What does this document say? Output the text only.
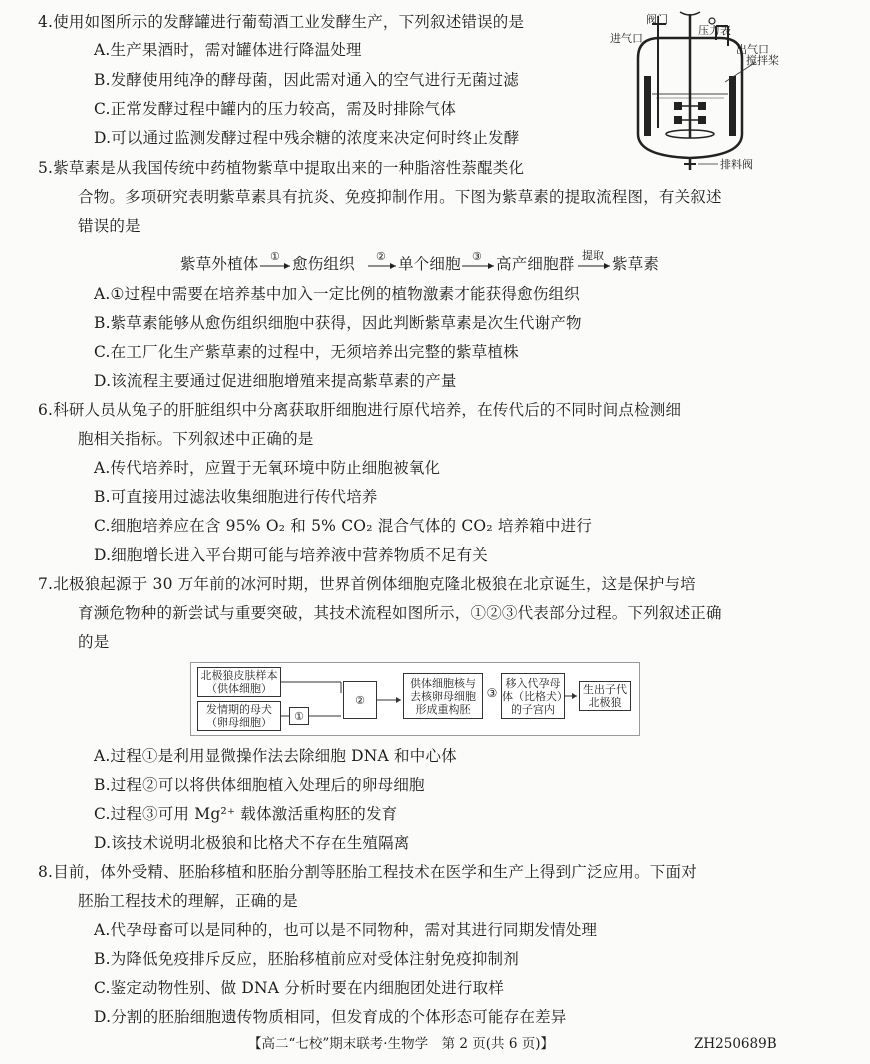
4.使用如图所示的发酵罐进行葡萄酒工业发酵生产，下列叙述错误的是
A.生产果酒时，需对罐体进行降温处理
B.发酵使用纯净的酵母菌，因此需对通入的空气进行无菌过滤
C.正常发酵过程中罐内的压力较高，需及时排除气体
D.可以通过监测发酵过程中残余糖的浓度来决定何时终止发酵
阀门
进气口
压力表
出气口
搅拌桨
排料阀
5.紫草素是从我国传统中药植物紫草中提取出来的一种脂溶性萘醌类化
合物。多项研究表明紫草素具有抗炎、免疫抑制作用。下图为紫草素的提取流程图，有关叙述
错误的是
紫草外植体 愈伤组织	单个细胞 高产细胞群 紫草素
①	②	③	提取
A.①过程中需要在培养基中加入一定比例的植物激素才能获得愈伤组织
B.紫草素能够从愈伤组织细胞中获得，因此判断紫草素是次生代谢产物
C.在工厂化生产紫草素的过程中，无须培养出完整的紫草植株
D.该流程主要通过促进细胞增殖来提高紫草素的产量
6.科研人员从兔子的肝脏组织中分离获取肝细胞进行原代培养，在传代后的不同时间点检测细
胞相关指标。下列叙述中正确的是
A.传代培养时，应置于无氧环境中防止细胞被氧化
B.可直接用过滤法收集细胞进行传代培养
C.细胞培养应在含 95% O₂ 和 5% CO₂ 混合气体的 CO₂ 培养箱中进行
D.细胞增长进入平台期可能与培养液中营养物质不足有关
7.北极狼起源于 30 万年前的冰河时期，世界首例体细胞克隆北极狼在北京诞生，这是保护与培
育濒危物种的新尝试与重要突破，其技术流程如图所示，①②③代表部分过程。下列叙述正确
的是
北极狼皮肤样本
（供体细胞）
发情期的母犬
（卵母细胞）	①
②
供体细胞核与
去核卵母细胞
形成重构胚
③
移入代孕母
体（比格犬）
的子宫内
生出子代
北极狼
A.过程①是利用显微操作法去除细胞 DNA 和中心体
B.过程②可以将供体细胞植入处理后的卵母细胞
C.过程③可用 Mg²⁺ 载体激活重构胚的发育
D.该技术说明北极狼和比格犬不存在生殖隔离
8.目前，体外受精、胚胎移植和胚胎分割等胚胎工程技术在医学和生产上得到广泛应用。下面对
胚胎工程技术的理解，正确的是
A.代孕母畜可以是同种的，也可以是不同物种，需对其进行同期发情处理
B.为降低免疫排斥反应，胚胎移植前应对受体注射免疫抑制剂
C.鉴定动物性别、做 DNA 分析时要在内细胞团处进行取样
D.分割的胚胎细胞遗传物质相同，但发育成的个体形态可能存在差异
【高二“七校”期末联考·生物学　第 2 页(共 6 页)】	ZH250689B
